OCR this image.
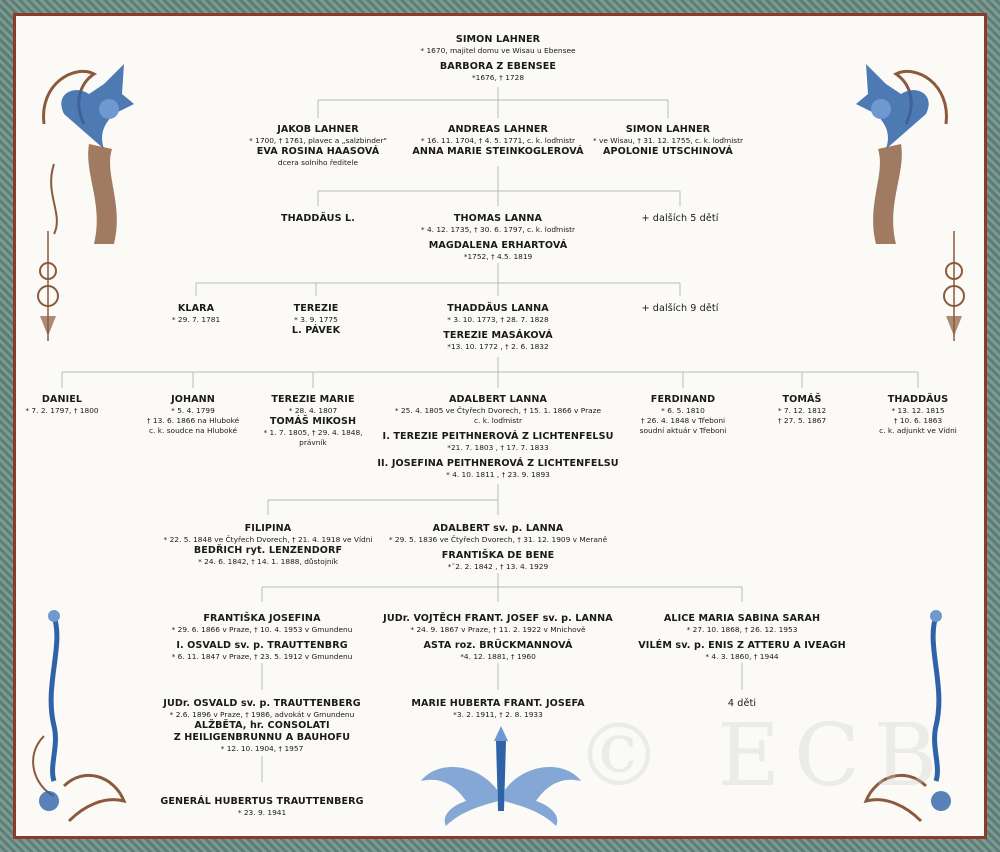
© ECB
SIMON LAHNER
* 1670, majitel domu ve Wisau u Ebensee
BARBORA Z EBENSEE
*1676, † 1728
JAKOB LAHNER
* 1700, † 1761, plavec a „salzbinder"
EVA ROSINA HAASOVÁ
dcera solního ředitele
ANDREAS LAHNER
* 16. 11. 1704, † 4. 5. 1771, c. k. loďmistr
ANNA MARIE STEINKOGLEROVÁ
SIMON LAHNER
* ve Wisau, † 31. 12. 1755, c. k. loďmistr
APOLONIE UTSCHINOVÁ
THADDÄUS L.	THOMAS LANNA
* 4. 12. 1735, † 30. 6. 1797, c. k. loďmistr
MAGDALENA ERHARTOVÁ
*1752, † 4.5. 1819
+ dalších 5 dětí
KLARA
* 29. 7. 1781
TEREZIE
* 3. 9. 1775
L. PÁVEK
THADDÄUS LANNA
* 3. 10. 1773, † 28. 7. 1828
TEREZIE MASÁKOVÁ
*13. 10. 1772 , † 2. 6. 1832
+ dalších 9 dětí
DANIEL
* 7. 2. 1797, † 1800
JOHANN
* 5. 4. 1799
† 13. 6. 1866 na Hluboké
c. k. soudce na Hluboké
TEREZIE MARIE
* 28. 4. 1807
TOMÁŠ MIKOSH
* 1. 7. 1805, † 29. 4. 1848,
právník
ADALBERT LANNA
* 25. 4. 1805 ve Čtyřech Dvorech, † 15. 1. 1866 v Praze
c. k. loďmistr
I. TEREZIE PEITHNEROVÁ Z LICHTENFELSU
*21. 7. 1803 , † 17. 7. 1833
II. JOSEFINA PEITHNEROVÁ Z LICHTENFELSU
* 4. 10. 1811 , † 23. 9. 1893
FERDINAND
* 6. 5. 1810
† 26. 4. 1848 v Třeboni
soudní aktuár v Třeboni
TOMÁŠ
* 7. 12. 1812
† 27. 5. 1867
THADDÄUS
* 13. 12. 1815
† 10. 6. 1863
c. k. adjunkt ve Vídni
FILIPINA
* 22. 5. 1848 ve Čtyřech Dvorech, † 21. 4. 1918 ve Vídni
BEDŘICH ryt. LENZENDORF
* 24. 6. 1842, † 14. 1. 1888, důstojník
ADALBERT sv. p. LANNA
* 29. 5. 1836 ve Čtyřech Dvorech, † 31. 12. 1909 v Meraně
FRANTIŠKA DE BENE
*˜2. 2. 1842 , † 13. 4. 1929
FRANTIŠKA JOSEFINA
* 29. 6. 1866 v Praze, † 10. 4. 1953 v Gmundenu
I. OSVALD sv. p. TRAUTTENBRG
* 6. 11. 1847 v Praze, † 23. 5. 1912 v Gmundenu
JUDr. VOJTĚCH FRANT. JOSEF sv. p. LANNA
* 24. 9. 1867 v Praze, † 11. 2. 1922 v Mnichově
ASTA roz. BRÜCKMANNOVÁ
*4. 12. 1881, † 1960
ALICE MARIA SABINA SARAH
* 27. 10. 1868, † 26. 12. 1953
VILÉM sv. p. ENIS Z ATTERU A IVEAGH
* 4. 3. 1860, † 1944
JUDr. OSVALD sv. p. TRAUTTENBERG
* 2.6. 1896 v Praze, † 1986, advokát v Gmundenu
ALŽBĚTA, hr. CONSOLATI
Z HEILIGENBRUNNU A BAUHOFU
* 12. 10. 1904, † 1957
MARIE HUBERTA FRANT. JOSEFA
*3. 2. 1911, † 2. 8. 1933
4 děti
GENERÁL HUBERTUS TRAUTTENBERG
* 23. 9. 1941
